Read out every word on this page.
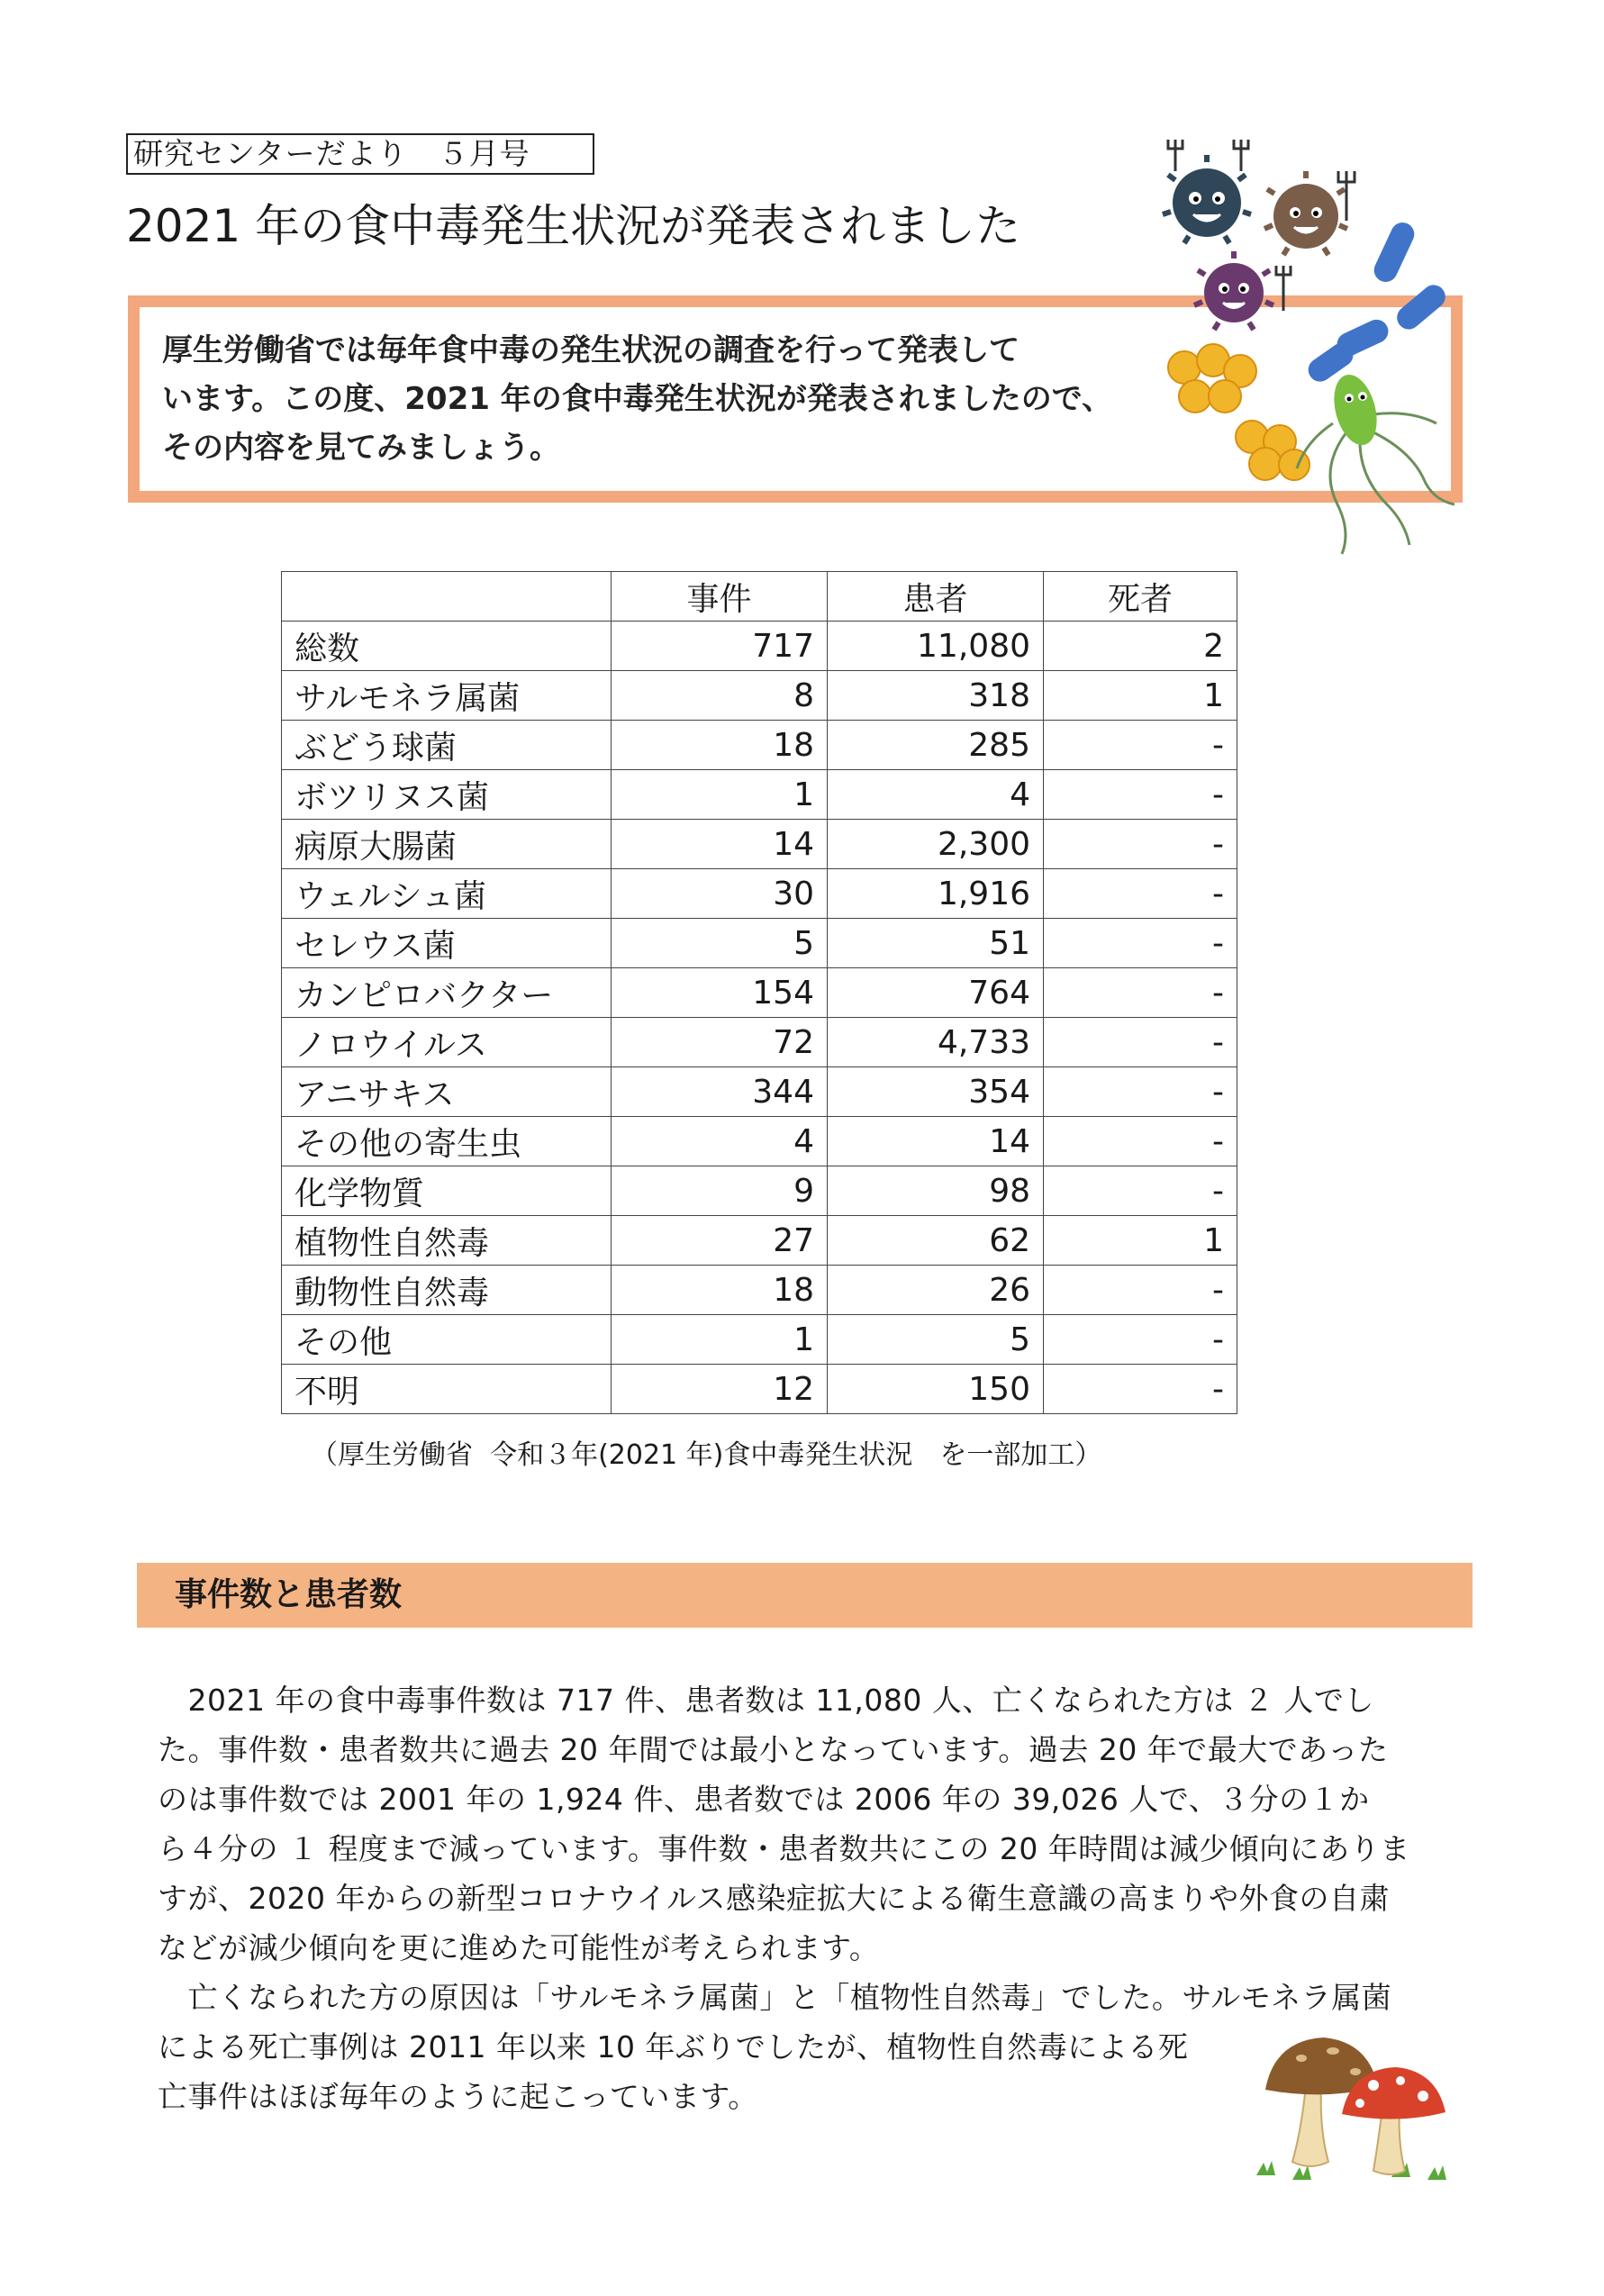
研究センターだより　５月号
2021 年の食中毒発生状況が発表されました
厚生労働省では毎年食中毒の発生状況の調査を行って発表して
います。この度、2021 年の食中毒発生状況が発表されましたので、
その内容を見てみましょう。
	事件	患者	死者
総数	717	11,080	2
サルモネラ属菌	8	318	1
ぶどう球菌	18	285	-
ボツリヌス菌	1	4	-
病原大腸菌	14	2,300	-
ウェルシュ菌	30	1,916	-
セレウス菌	5	51	-
カンピロバクター	154	764	-
ノロウイルス	72	4,733	-
アニサキス	344	354	-
その他の寄生虫	4	14	-
化学物質	9	98	-
植物性自然毒	27	62	1
動物性自然毒	18	26	-
その他	1	5	-
不明	12	150	-
（厚生労働省  令和３年(2021 年)食中毒発生状況　を一部加工）
事件数と患者数
　2021 年の食中毒事件数は 717 件、患者数は 11,080 人、亡くなられた方は ２ 人でし
た。事件数・患者数共に過去 20 年間では最小となっています。過去 20 年で最大であった
のは事件数では 2001 年の 1,924 件、患者数では 2006 年の 39,026 人で、３分の１か
ら４分の １ 程度まで減っています。事件数・患者数共にこの 20 年時間は減少傾向にありま
すが、2020 年からの新型コロナウイルス感染症拡大による衛生意識の高まりや外食の自粛
などが減少傾向を更に進めた可能性が考えられます。
　亡くなられた方の原因は「サルモネラ属菌」と「植物性自然毒」でした。サルモネラ属菌
による死亡事例は 2011 年以来 10 年ぶりでしたが、植物性自然毒による死
亡事件はほぼ毎年のように起こっています。
